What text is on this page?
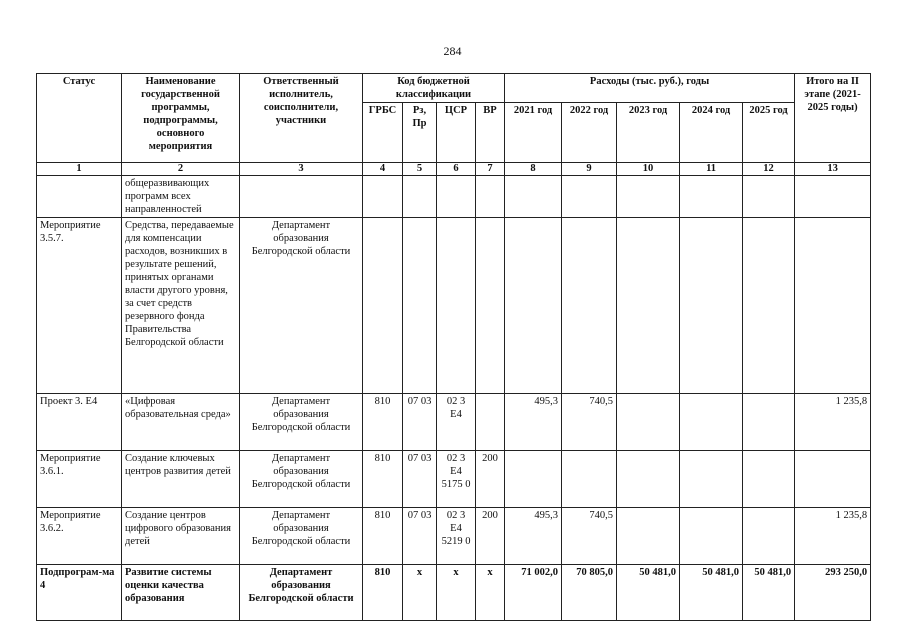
284
Статус	Наименование государственной программы, подпрограммы, основного мероприятия	Ответственный исполнитель, соисполнители, участники	Код бюджетной классификации				Расходы (тыс. руб.), годы					Итого на II этапе (2021-2025 годы)
			ГРБС	Рз, Пр	ЦСР	ВР	2021 год	2022 год	2023 год	2024 год	2025 год	
1	2	3	4	5	6	7	8	9	10	11	12	13
	общеразвивающих программ всех направленностей											
Мероприятие 3.5.7.	Средства, передаваемые для компенсации расходов, возникших в результате решений, принятых органами власти другого уровня, за счет средств резервного фонда Правительства Белгородской области	Департамент образования Белгородской области										
Проект 3. Е4	«Цифровая образовательная среда»	Департамент образования Белгородской области	810	07 03	02 3 Е4		495,3	740,5				1 235,8
Мероприятие 3.6.1.	Создание ключевых центров развития детей	Департамент образования Белгородской области	810	07 03	02 3 Е4 5175 0	200						
Мероприятие 3.6.2.	Создание центров цифрового образования детей	Департамент образования Белгородской области	810	07 03	02 3 Е4 5219 0	200	495,3	740,5				1 235,8
Подпрограм-ма 4	Развитие системы оценки качества образования	Департамент образования Белгородской области	810	х	х	х	71 002,0	70 805,0	50 481,0	50 481,0	50 481,0	293 250,0
